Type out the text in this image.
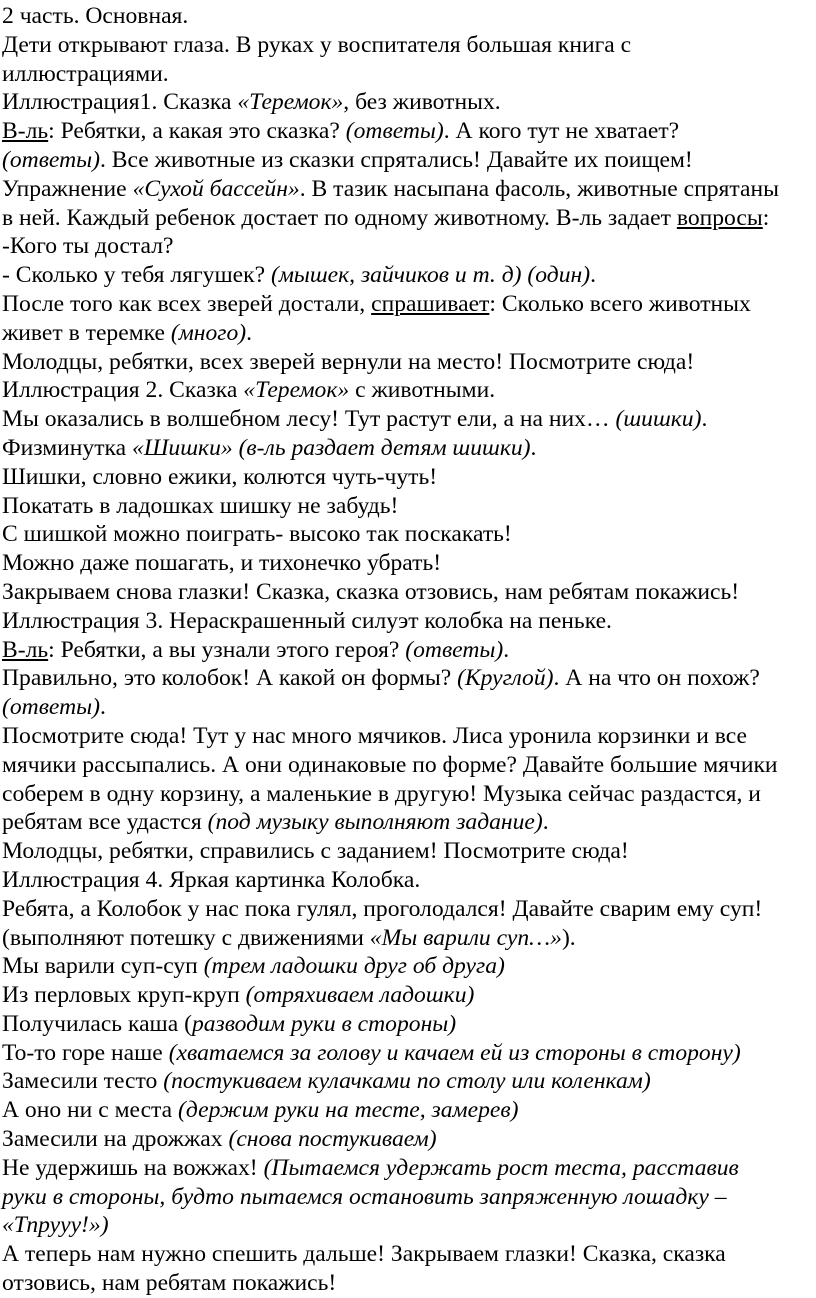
2 часть. Основная.
Дети открывают глаза. В руках у воспитателя большая книга с
иллюстрациями.
Иллюстрация1. Сказка «Теремок», без животных.
В-ль: Ребятки, а какая это сказка? (ответы). А кого тут не хватает?
(ответы). Все животные из сказки спрятались! Давайте их поищем!
Упражнение «Сухой бассейн». В тазик насыпана фасоль, животные спрятаны
в ней. Каждый ребенок достает по одному животному. В-ль задает вопросы:
-Кого ты достал?
- Сколько у тебя лягушек? (мышек, зайчиков и т. д) (один).
После того как всех зверей достали, спрашивает: Сколько всего животных
живет в теремке (много).
Молодцы, ребятки, всех зверей вернули на место! Посмотрите сюда!
Иллюстрация 2. Сказка «Теремок» с животными.
Мы оказались в волшебном лесу! Тут растут ели, а на них… (шишки).
Физминутка «Шишки» (в-ль раздает детям шишки).
Шишки, словно ежики, колются чуть-чуть!
Покатать в ладошках шишку не забудь!
С шишкой можно поиграть- высоко так поскакать!
Можно даже пошагать, и тихонечко убрать!
Закрываем снова глазки! Сказка, сказка отзовись, нам ребятам покажись!
Иллюстрация 3. Нераскрашенный силуэт колобка на пеньке.
В-ль: Ребятки, а вы узнали этого героя? (ответы).
Правильно, это колобок! А какой он формы? (Круглой). А на что он похож?
(ответы).
Посмотрите сюда! Тут у нас много мячиков. Лиса уронила корзинки и все
мячики рассыпались. А они одинаковые по форме? Давайте большие мячики
соберем в одну корзину, а маленькие в другую! Музыка сейчас раздастся, и
ребятам все удастся (под музыку выполняют задание).
Молодцы, ребятки, справились с заданием! Посмотрите сюда!
Иллюстрация 4. Яркая картинка Колобка.
Ребята, а Колобок у нас пока гулял, проголодался! Давайте сварим ему суп!
(выполняют потешку с движениями «Мы варили суп…»).
Мы варили суп-суп (трем ладошки друг об друга)
Из перловых круп-круп (отряхиваем ладошки)
Получилась каша (разводим руки в стороны)
То-то горе наше (хватаемся за голову и качаем ей из стороны в сторону)
Замесили тесто (постукиваем кулачками по столу или коленкам)
А оно ни с места (держим руки на тесте, замерев)
Замесили на дрожжах (снова постукиваем)
Не удержишь на вожжах! (Пытаемся удержать рост теста, расставив
руки в стороны, будто пытаемся остановить запряженную лошадку –
«Тпруyy!»)
А теперь нам нужно спешить дальше! Закрываем глазки! Сказка, сказка
отзовись, нам ребятам покажись!
